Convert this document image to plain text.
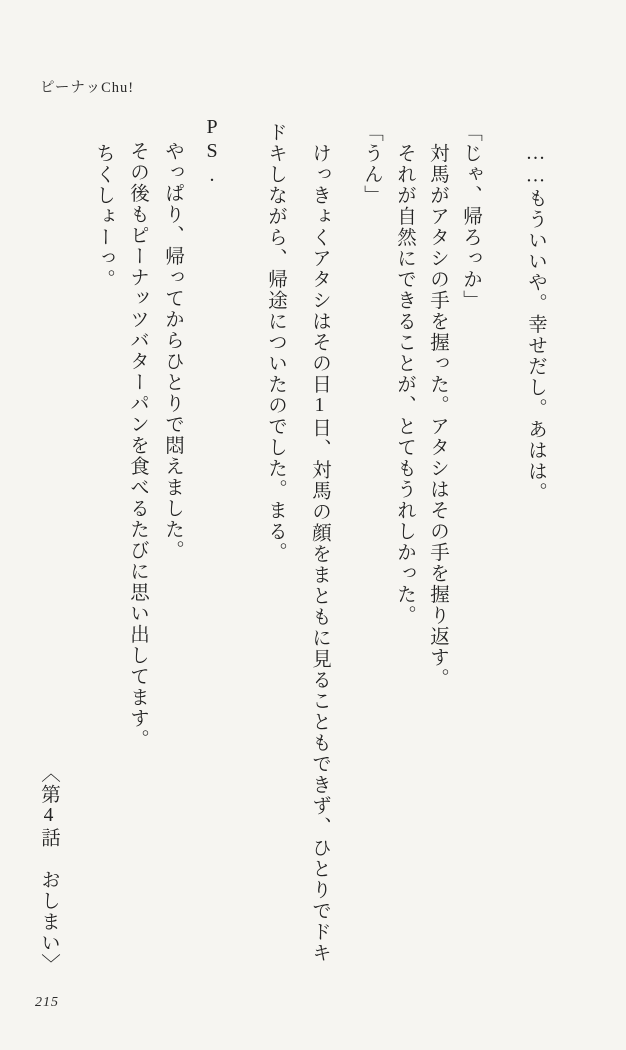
ピーナッChu!
……もういいや。幸せだし。あはは。
「じゃ、帰ろっか」
対馬がアタシの手を握った。アタシはその手を握り返す。
それが自然にできることが、とてもうれしかった。
「うん」
けっきょくアタシはその日1日、対馬の顔をまともに見ることもできず、ひとりでドキ
ドキしながら、帰途についたのでした。まる。
PS.
やっぱり、帰ってからひとりで悶えました。
その後もピーナッツバターパンを食べるたびに思い出してます。
ちくしょーっ。
〈第4話　おしまい〉
215
